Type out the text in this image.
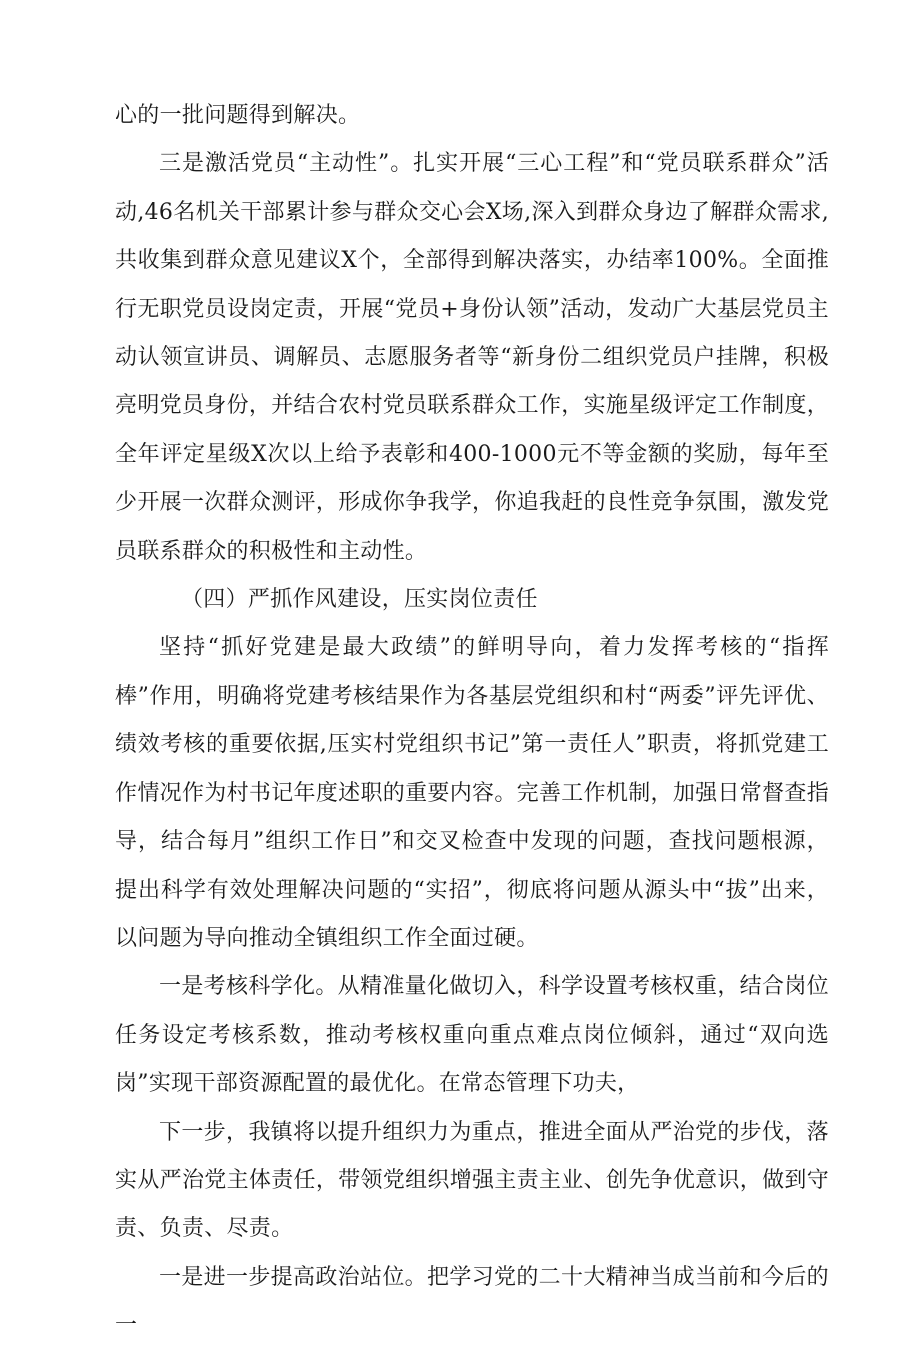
心的一批问题得到解决。

三是激活党员“主动性”。扎实开展“三心工程”和“党员联系群众”活动,46名机关干部累计参与群众交心会X场,深入到群众身边了解群众需求,共收集到群众意见建议X个，全部得到解决落实，办结率100%。全面推行无职党员设岗定责，开展“党员+身份认领”活动，发动广大基层党员主动认领宣讲员、调解员、志愿服务者等“新身份二组织党员户挂牌，积极亮明党员身份，并结合农村党员联系群众工作，实施星级评定工作制度，全年评定星级X次以上给予表彰和400-1000元不等金额的奖励，每年至少开展一次群众测评，形成你争我学，你追我赶的良性竞争氛围，激发党员联系群众的积极性和主动性。

（四）严抓作风建设，压实岗位责任

坚持“抓好党建是最大政绩”的鲜明导向，着力发挥考核的“指挥棒”作用，明确将党建考核结果作为各基层党组织和村“两委”评先评优、绩效考核的重要依据,压实村党组织书记”第一责任人”职责，将抓党建工作情况作为村书记年度述职的重要内容。完善工作机制，加强日常督查指导，结合每月”组织工作日”和交叉检查中发现的问题，查找问题根源，提出科学有效处理解决问题的“实招”，彻底将问题从源头中“拔”出来，以问题为导向推动全镇组织工作全面过硬。

一是考核科学化。从精准量化做切入，科学设置考核权重，结合岗位任务设定考核系数，推动考核权重向重点难点岗位倾斜，通过“双向选岗”实现干部资源配置的最优化。在常态管理下功夫，

下一步，我镇将以提升组织力为重点，推进全面从严治党的步伐，落实从严治党主体责任，带领党组织增强主责主业、创先争优意识，做到守责、负责、尽责。

一是进一步提高政治站位。把学习党的二十大精神当成当前和今后的一
